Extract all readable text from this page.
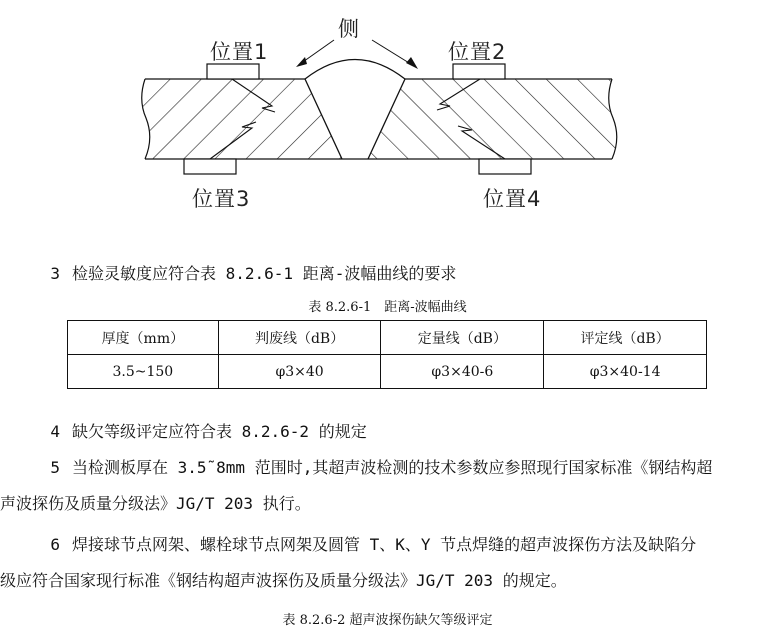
侧
位置1	位置2
位置3	位置4
3 检验灵敏度应符合表 8.2.6-1 距离-波幅曲线的要求
表 8.2.6-1　距离-波幅曲线
厚度（mm）	判废线（dB）	定量线（dB）	评定线（dB）
3.5~150	φ3×40	φ3×40-6	φ3×40-14
4 缺欠等级评定应符合表 8.2.6-2 的规定
5 当检测板厚在 3.5˜8mm 范围时,其超声波检测的技术参数应参照现行国家标准《钢结构超
声波探伤及质量分级法》JG/T 203 执行。
6 焊接球节点网架、螺栓球节点网架及圆管 T、K、Y 节点焊缝的超声波探伤方法及缺陷分
级应符合国家现行标准《钢结构超声波探伤及质量分级法》JG/T 203 的规定。
表 8.2.6-2 超声波探伤缺欠等级评定
